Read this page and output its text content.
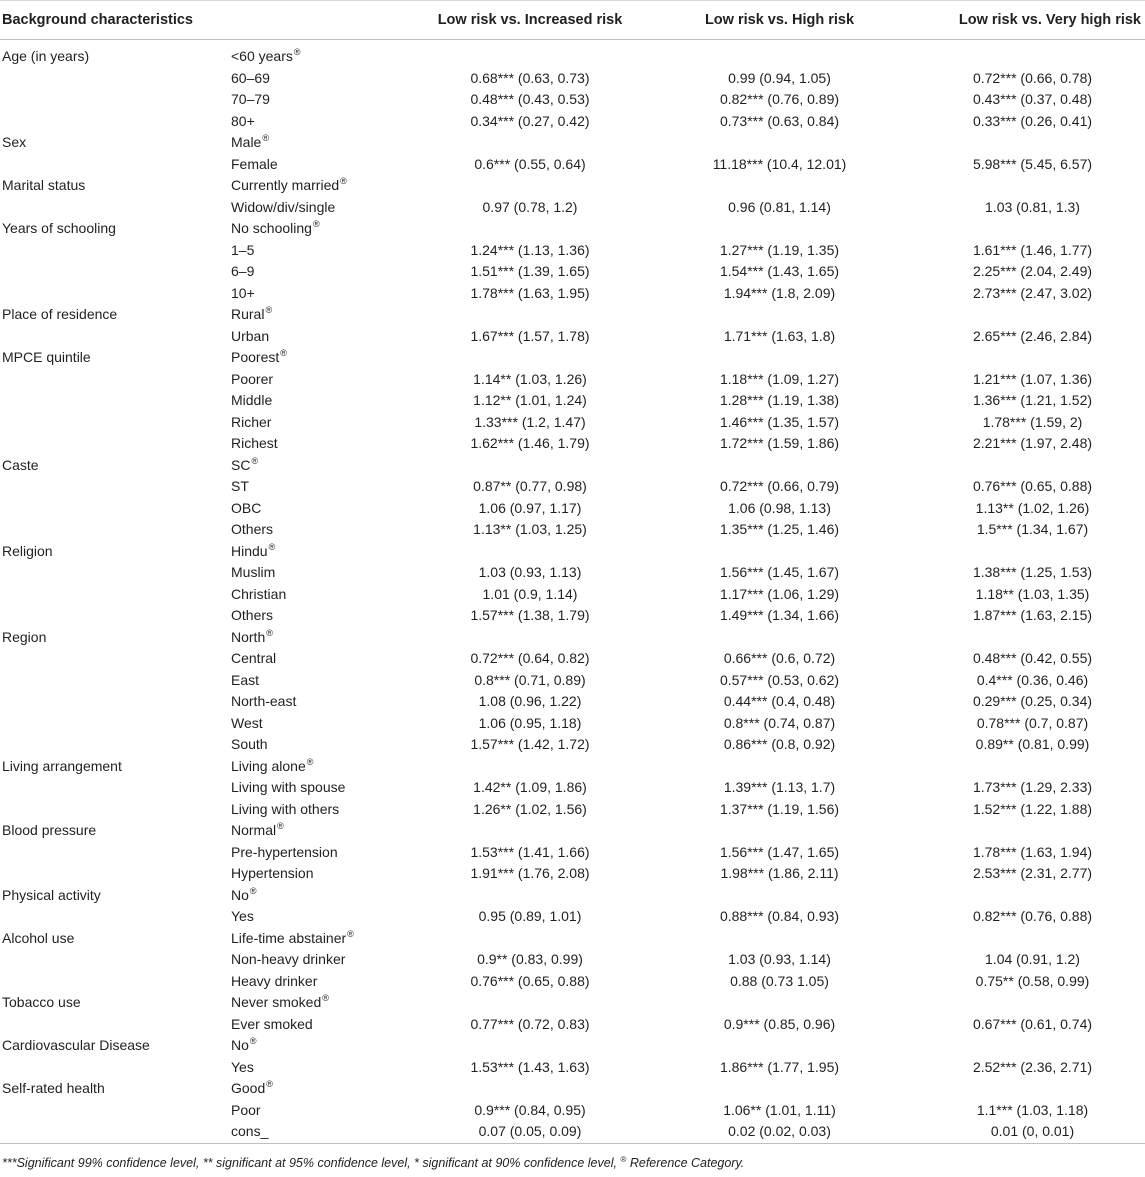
Background characteristics		Low risk vs. Increased risk	Low risk vs. High risk	Low risk vs. Very high risk
Age (in years)	<60 years®			
	60–69	0.68*** (0.63, 0.73)	0.99 (0.94, 1.05)	0.72*** (0.66, 0.78)
	70–79	0.48*** (0.43, 0.53)	0.82*** (0.76, 0.89)	0.43*** (0.37, 0.48)
	80+	0.34*** (0.27, 0.42)	0.73*** (0.63, 0.84)	0.33*** (0.26, 0.41)
Sex	Male®			
	Female	0.6*** (0.55, 0.64)	11.18*** (10.4, 12.01)	5.98*** (5.45, 6.57)
Marital status	Currently married®			
	Widow/div/single	0.97 (0.78, 1.2)	0.96 (0.81, 1.14)	1.03 (0.81, 1.3)
Years of schooling	No schooling®			
	1–5	1.24*** (1.13, 1.36)	1.27*** (1.19, 1.35)	1.61*** (1.46, 1.77)
	6–9	1.51*** (1.39, 1.65)	1.54*** (1.43, 1.65)	2.25*** (2.04, 2.49)
	10+	1.78*** (1.63, 1.95)	1.94*** (1.8, 2.09)	2.73*** (2.47, 3.02)
Place of residence	Rural®			
	Urban	1.67*** (1.57, 1.78)	1.71*** (1.63, 1.8)	2.65*** (2.46, 2.84)
MPCE quintile	Poorest®			
	Poorer	1.14** (1.03, 1.26)	1.18*** (1.09, 1.27)	1.21*** (1.07, 1.36)
	Middle	1.12** (1.01, 1.24)	1.28*** (1.19, 1.38)	1.36*** (1.21, 1.52)
	Richer	1.33*** (1.2, 1.47)	1.46*** (1.35, 1.57)	1.78*** (1.59, 2)
	Richest	1.62*** (1.46, 1.79)	1.72*** (1.59, 1.86)	2.21*** (1.97, 2.48)
Caste	SC®			
	ST	0.87** (0.77, 0.98)	0.72*** (0.66, 0.79)	0.76*** (0.65, 0.88)
	OBC	1.06 (0.97, 1.17)	1.06 (0.98, 1.13)	1.13** (1.02, 1.26)
	Others	1.13** (1.03, 1.25)	1.35*** (1.25, 1.46)	1.5*** (1.34, 1.67)
Religion	Hindu®			
	Muslim	1.03 (0.93, 1.13)	1.56*** (1.45, 1.67)	1.38*** (1.25, 1.53)
	Christian	1.01 (0.9, 1.14)	1.17*** (1.06, 1.29)	1.18** (1.03, 1.35)
	Others	1.57*** (1.38, 1.79)	1.49*** (1.34, 1.66)	1.87*** (1.63, 2.15)
Region	North®			
	Central	0.72*** (0.64, 0.82)	0.66*** (0.6, 0.72)	0.48*** (0.42, 0.55)
	East	0.8*** (0.71, 0.89)	0.57*** (0.53, 0.62)	0.4*** (0.36, 0.46)
	North-east	1.08 (0.96, 1.22)	0.44*** (0.4, 0.48)	0.29*** (0.25, 0.34)
	West	1.06 (0.95, 1.18)	0.8*** (0.74, 0.87)	0.78*** (0.7, 0.87)
	South	1.57*** (1.42, 1.72)	0.86*** (0.8, 0.92)	0.89** (0.81, 0.99)
Living arrangement	Living alone®			
	Living with spouse	1.42** (1.09, 1.86)	1.39*** (1.13, 1.7)	1.73*** (1.29, 2.33)
	Living with others	1.26** (1.02, 1.56)	1.37*** (1.19, 1.56)	1.52*** (1.22, 1.88)
Blood pressure	Normal®			
	Pre-hypertension	1.53*** (1.41, 1.66)	1.56*** (1.47, 1.65)	1.78*** (1.63, 1.94)
	Hypertension	1.91*** (1.76, 2.08)	1.98*** (1.86, 2.11)	2.53*** (2.31, 2.77)
Physical activity	No®			
	Yes	0.95 (0.89, 1.01)	0.88*** (0.84, 0.93)	0.82*** (0.76, 0.88)
Alcohol use	Life-time abstainer®			
	Non-heavy drinker	0.9** (0.83, 0.99)	1.03 (0.93, 1.14)	1.04 (0.91, 1.2)
	Heavy drinker	0.76*** (0.65, 0.88)	0.88 (0.73 1.05)	0.75** (0.58, 0.99)
Tobacco use	Never smoked®			
	Ever smoked	0.77*** (0.72, 0.83)	0.9*** (0.85, 0.96)	0.67*** (0.61, 0.74)
Cardiovascular Disease	No®			
	Yes	1.53*** (1.43, 1.63)	1.86*** (1.77, 1.95)	2.52*** (2.36, 2.71)
Self-rated health	Good®			
	Poor	0.9*** (0.84, 0.95)	1.06** (1.01, 1.11)	1.1*** (1.03, 1.18)
	cons_	0.07 (0.05, 0.09)	0.02 (0.02, 0.03)	0.01 (0, 0.01)
***Significant 99% confidence level, ** significant at 95% confidence level, * significant at 90% confidence level, ® Reference Category.
